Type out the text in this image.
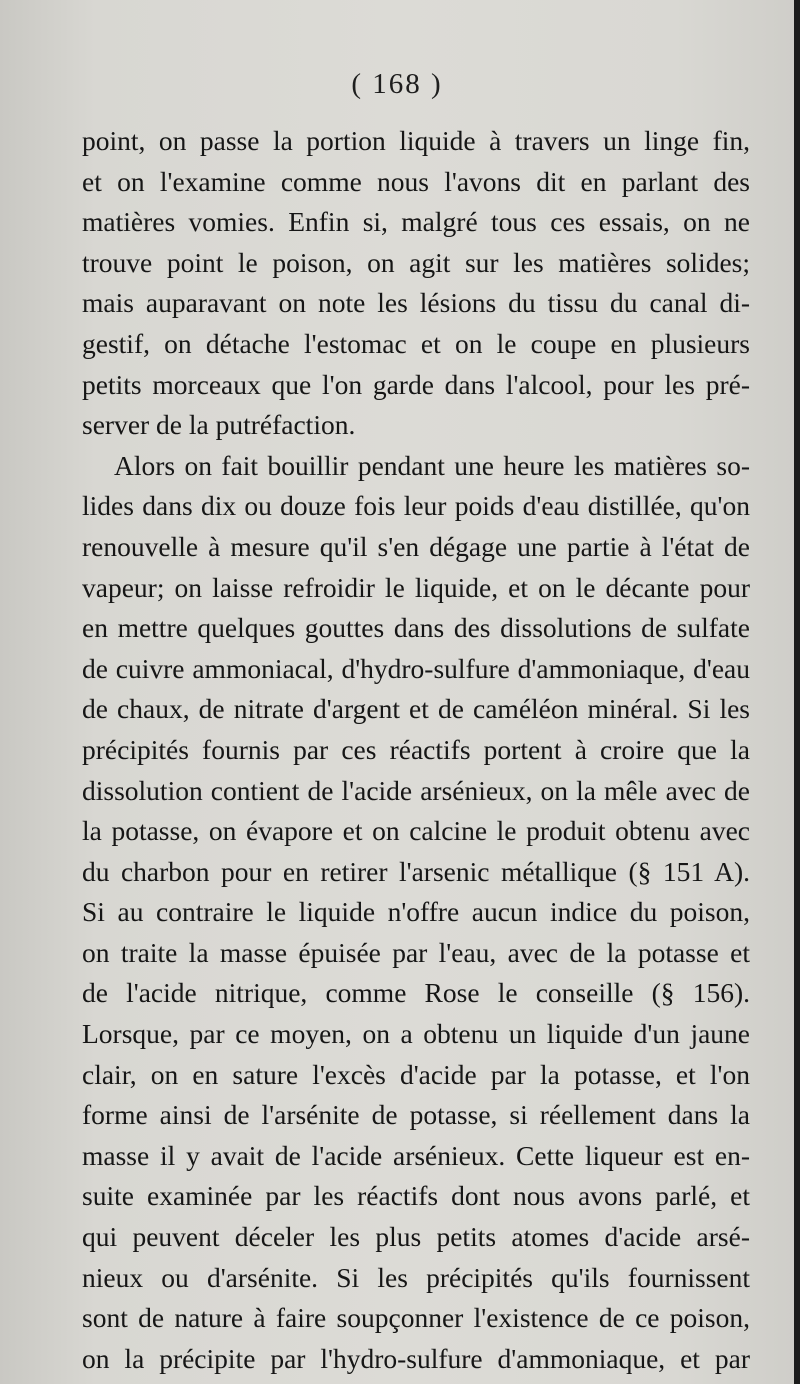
( 168 )
point, on passe la portion liquide à travers un linge fin,
et on l'examine comme nous l'avons dit en parlant des
matières vomies. Enfin si, malgré tous ces essais, on ne
trouve point le poison, on agit sur les matières solides;
mais auparavant on note les lésions du tissu du canal di-
gestif, on détache l'estomac et on le coupe en plusieurs
petits morceaux que l'on garde dans l'alcool, pour les pré-
server de la putréfaction.
Alors on fait bouillir pendant une heure les matières so-
lides dans dix ou douze fois leur poids d'eau distillée, qu'on
renouvelle à mesure qu'il s'en dégage une partie à l'état de
vapeur; on laisse refroidir le liquide, et on le décante pour
en mettre quelques gouttes dans des dissolutions de sulfate
de cuivre ammoniacal, d'hydro-sulfure d'ammoniaque, d'eau
de chaux, de nitrate d'argent et de caméléon minéral. Si les
précipités fournis par ces réactifs portent à croire que la
dissolution contient de l'acide arsénieux, on la mêle avec de
la potasse, on évapore et on calcine le produit obtenu avec
du charbon pour en retirer l'arsenic métallique (§ 151 A).
Si au contraire le liquide n'offre aucun indice du poison,
on traite la masse épuisée par l'eau, avec de la potasse et
de l'acide nitrique, comme Rose le conseille (§ 156).
Lorsque, par ce moyen, on a obtenu un liquide d'un jaune
clair, on en sature l'excès d'acide par la potasse, et l'on
forme ainsi de l'arsénite de potasse, si réellement dans la
masse il y avait de l'acide arsénieux. Cette liqueur est en-
suite examinée par les réactifs dont nous avons parlé, et
qui peuvent déceler les plus petits atomes d'acide arsé-
nieux ou d'arsénite. Si les précipités qu'ils fournissent
sont de nature à faire soupçonner l'existence de ce poison,
on la précipite par l'hydro-sulfure d'ammoniaque, et par
